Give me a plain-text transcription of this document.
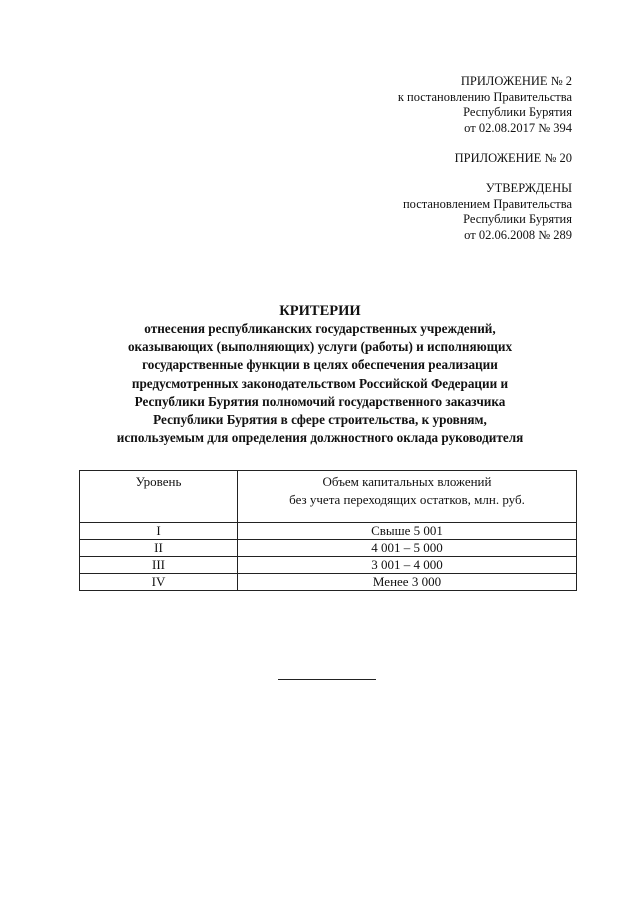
ПРИЛОЖЕНИЕ № 2
к постановлению Правительства
Республики Бурятия
от 02.08.2017 № 394
ПРИЛОЖЕНИЕ № 20
УТВЕРЖДЕНЫ
постановлением Правительства
Республики Бурятия
от 02.06.2008 № 289
КРИТЕРИИ
отнесения республиканских государственных учреждений,
оказывающих (выполняющих) услуги (работы) и исполняющих
государственные функции в целях обеспечения реализации
предусмотренных законодательством Российской Федерации и
Республики Бурятия полномочий государственного заказчика
Республики Бурятия в сфере строительства, к уровням,
используемым для определения должностного оклада руководителя
Уровень	Объем капитальных вложений
без учета переходящих остатков, млн. руб.

I	Свыше 5 001
II	4 001 – 5 000
III	3 001 – 4 000
IV	Менее 3 000
